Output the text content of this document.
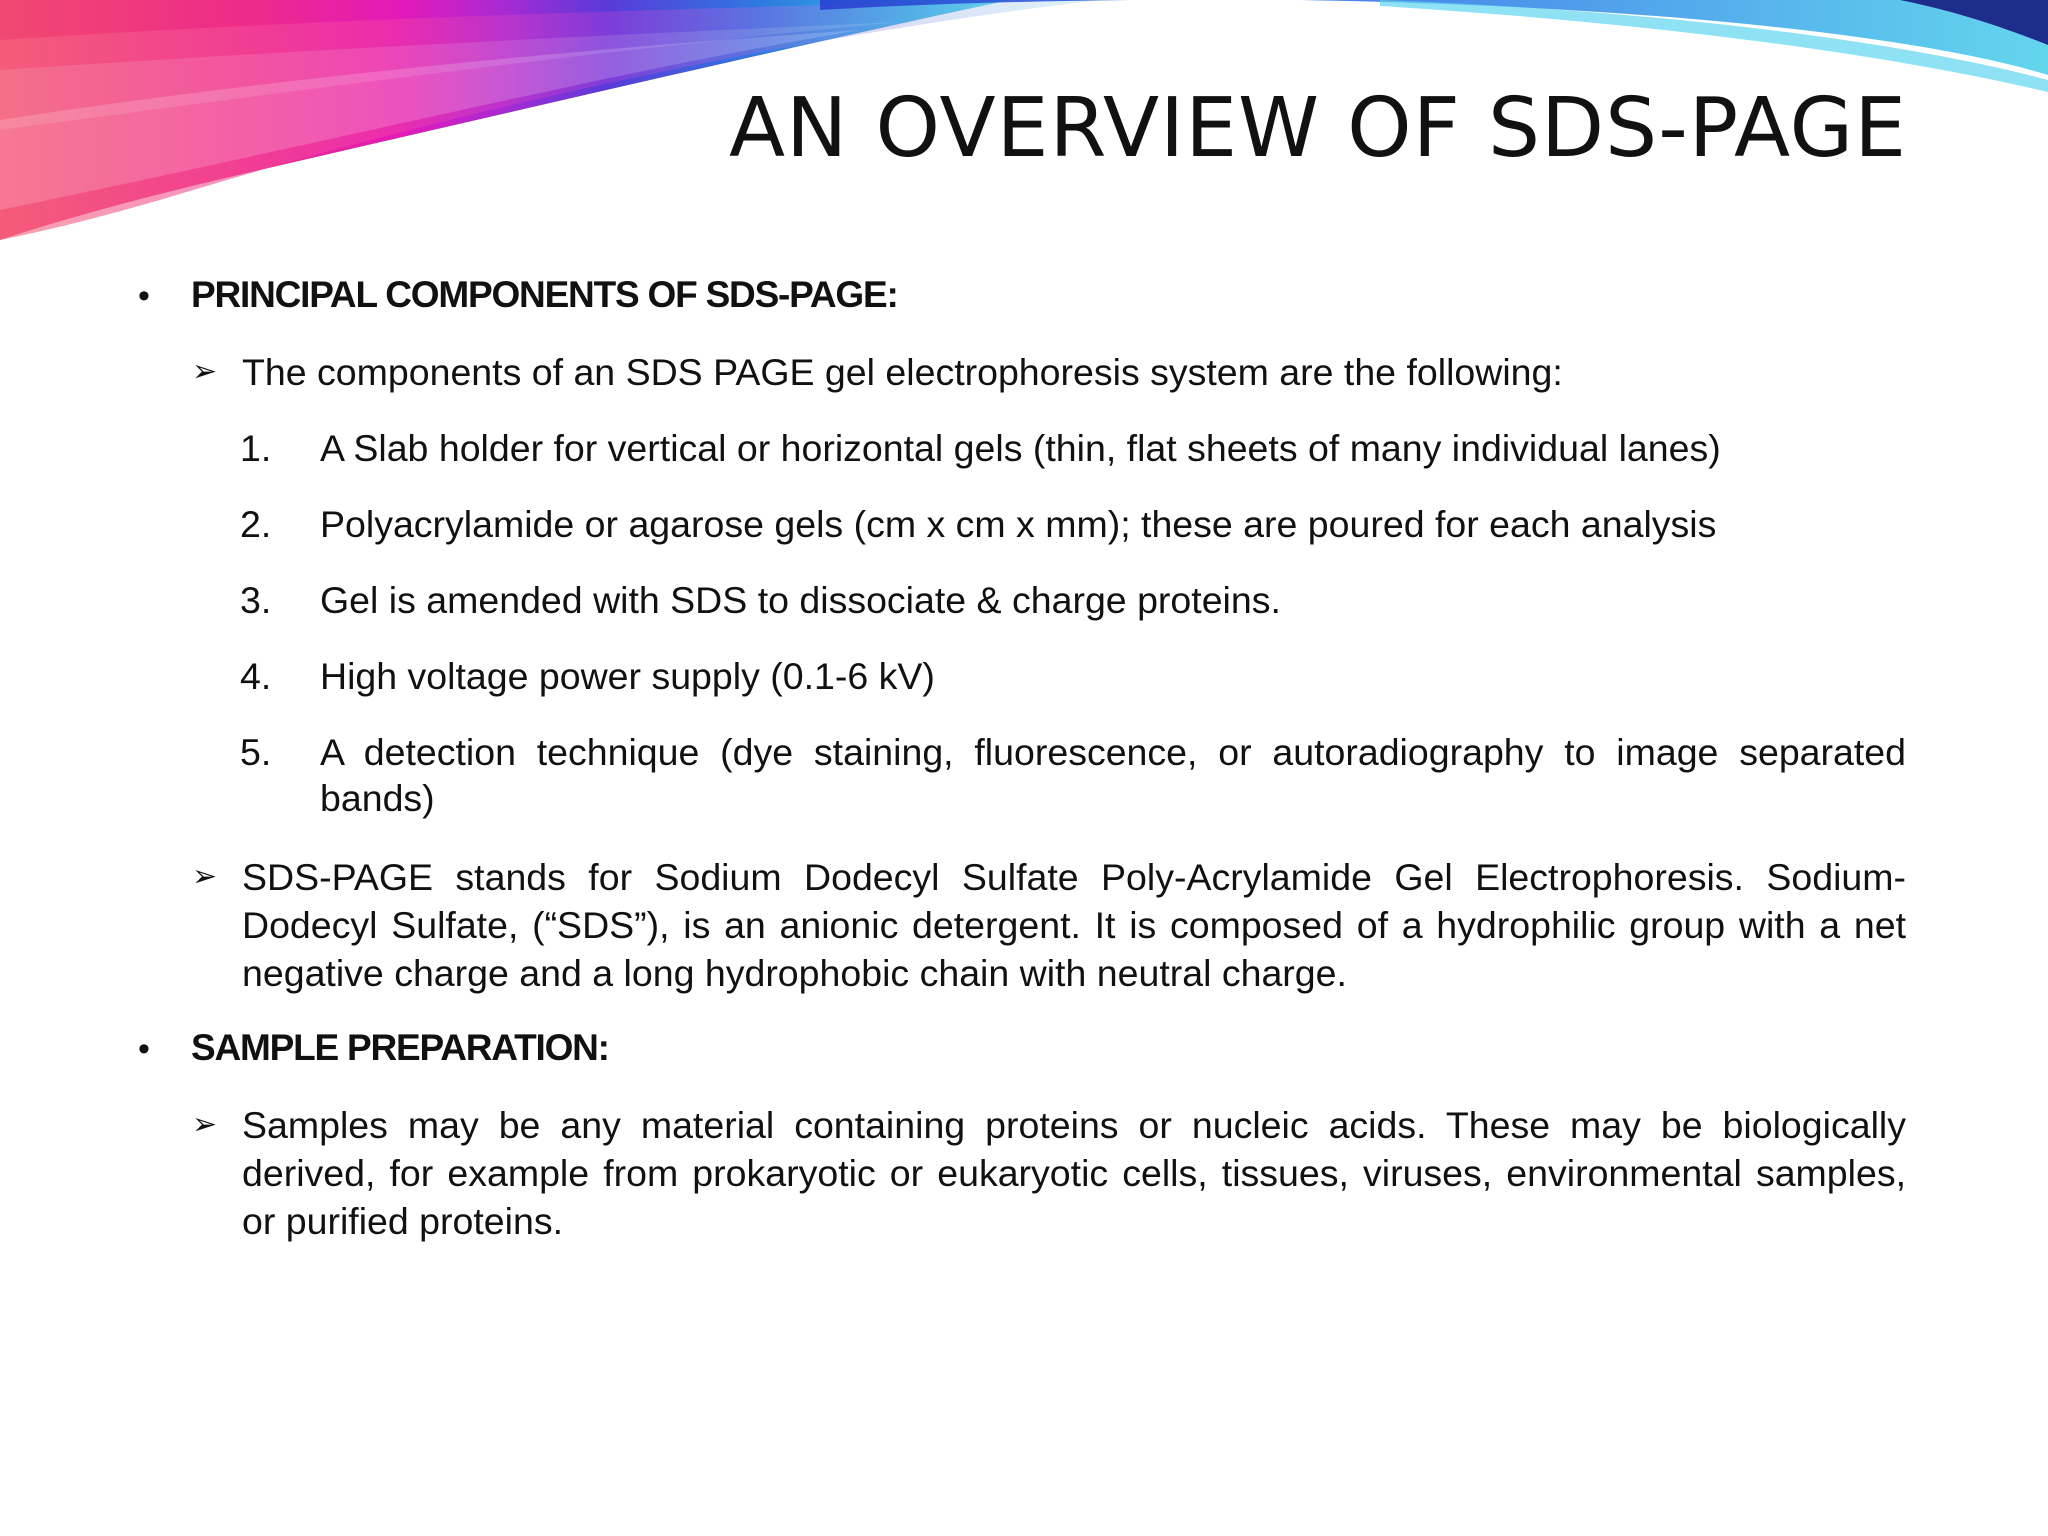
AN OVERVIEW OF SDS-PAGE
•	PRINCIPAL COMPONENTS OF SDS-PAGE:
➢ The components of an SDS PAGE gel electrophoresis system are the following:
1.	A Slab holder for vertical or horizontal gels (thin, flat sheets of many individual lanes)
2.	Polyacrylamide or agarose gels (cm x cm x mm); these are poured for each analysis
3.	Gel is amended with SDS to dissociate & charge proteins.
4.	High voltage power supply (0.1-6 kV)
5.	A detection technique (dye staining, fluorescence, or autoradiography to image separated bands)
➢ SDS-PAGE stands for Sodium Dodecyl Sulfate Poly-Acrylamide Gel Electrophoresis. Sodium-Dodecyl Sulfate, (“SDS”), is an anionic detergent. It is composed of a hydrophilic group with a net negative charge and a long hydrophobic chain with neutral charge.
•	SAMPLE PREPARATION:
➢ Samples may be any material containing proteins or nucleic acids. These may be biologically derived, for example from prokaryotic or eukaryotic cells, tissues, viruses, environmental samples, or purified proteins.
